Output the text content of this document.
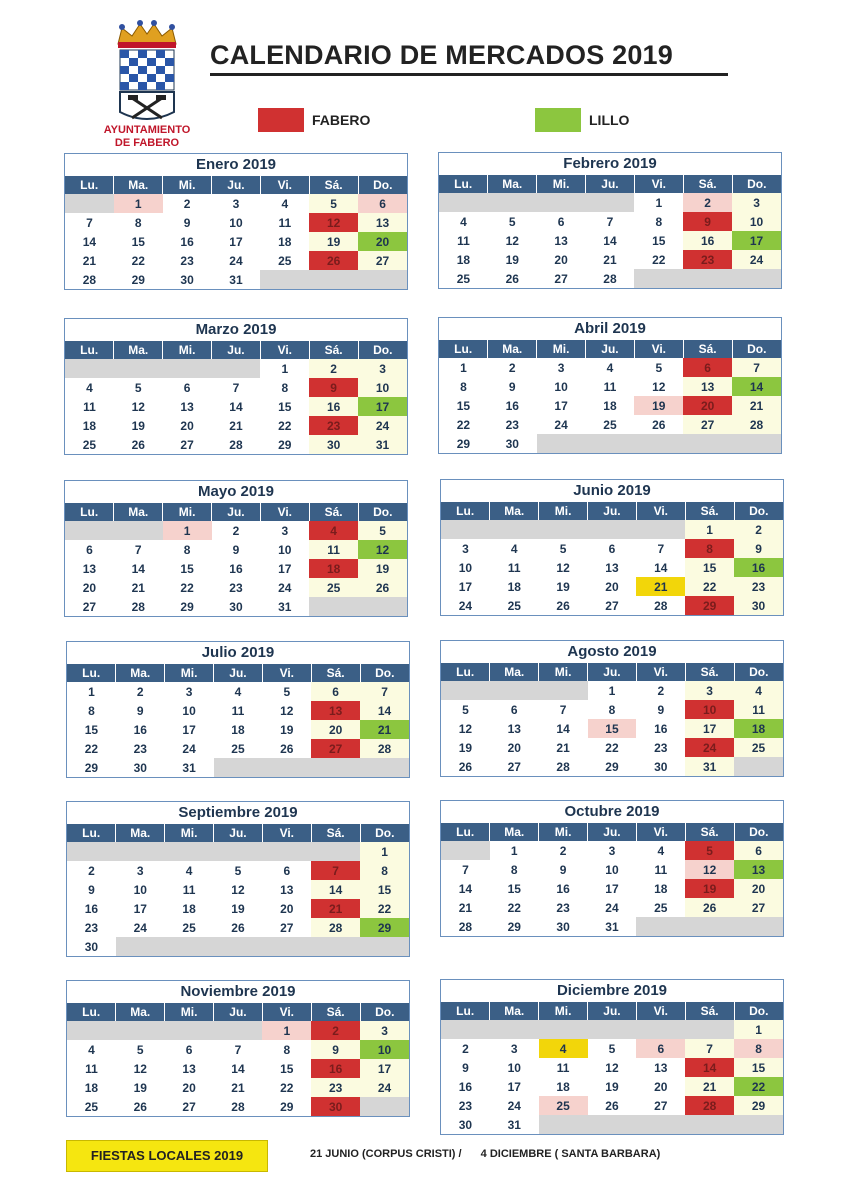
AYUNTAMIENTO
DE FABERO
CALENDARIO DE MERCADOS 2019
FABERO	LILLO
Enero 2019
Lu.	Ma.	Mi.	Ju.	Vi.	Sá.	Do.
	1	2	3	4	5	6
7	8	9	10	11	12	13
14	15	16	17	18	19	20
21	22	23	24	25	26	27
28	29	30	31			
Febrero 2019
Lu.	Ma.	Mi.	Ju.	Vi.	Sá.	Do.
				1	2	3
4	5	6	7	8	9	10
11	12	13	14	15	16	17
18	19	20	21	22	23	24
25	26	27	28			
Marzo 2019
Lu.	Ma.	Mi.	Ju.	Vi.	Sá.	Do.
				1	2	3
4	5	6	7	8	9	10
11	12	13	14	15	16	17
18	19	20	21	22	23	24
25	26	27	28	29	30	31
Abril 2019
Lu.	Ma.	Mi.	Ju.	Vi.	Sá.	Do.
1	2	3	4	5	6	7
8	9	10	11	12	13	14
15	16	17	18	19	20	21
22	23	24	25	26	27	28
29	30					
Mayo 2019
Lu.	Ma.	Mi.	Ju.	Vi.	Sá.	Do.
		1	2	3	4	5
6	7	8	9	10	11	12
13	14	15	16	17	18	19
20	21	22	23	24	25	26
27	28	29	30	31		
Junio 2019
Lu.	Ma.	Mi.	Ju.	Vi.	Sá.	Do.
					1	2
3	4	5	6	7	8	9
10	11	12	13	14	15	16
17	18	19	20	21	22	23
24	25	26	27	28	29	30
Julio 2019
Lu.	Ma.	Mi.	Ju.	Vi.	Sá.	Do.
1	2	3	4	5	6	7
8	9	10	11	12	13	14
15	16	17	18	19	20	21
22	23	24	25	26	27	28
29	30	31				
Agosto 2019
Lu.	Ma.	Mi.	Ju.	Vi.	Sá.	Do.
			1	2	3	4
5	6	7	8	9	10	11
12	13	14	15	16	17	18
19	20	21	22	23	24	25
26	27	28	29	30	31	
Septiembre 2019
Lu.	Ma.	Mi.	Ju.	Vi.	Sá.	Do.
						1
2	3	4	5	6	7	8
9	10	11	12	13	14	15
16	17	18	19	20	21	22
23	24	25	26	27	28	29
30						
Octubre 2019
Lu.	Ma.	Mi.	Ju.	Vi.	Sá.	Do.
	1	2	3	4	5	6
7	8	9	10	11	12	13
14	15	16	17	18	19	20
21	22	23	24	25	26	27
28	29	30	31			
Noviembre 2019
Lu.	Ma.	Mi.	Ju.	Vi.	Sá.	Do.
				1	2	3
4	5	6	7	8	9	10
11	12	13	14	15	16	17
18	19	20	21	22	23	24
25	26	27	28	29	30	
Diciembre 2019
Lu.	Ma.	Mi.	Ju.	Vi.	Sá.	Do.
						1
2	3	4	5	6	7	8
9	10	11	12	13	14	15
16	17	18	19	20	21	22
23	24	25	26	27	28	29
30	31					
FIESTAS LOCALES 2019	21 JUNIO (CORPUS CRISTI) / 4 DICIEMBRE ( SANTA BARBARA)
